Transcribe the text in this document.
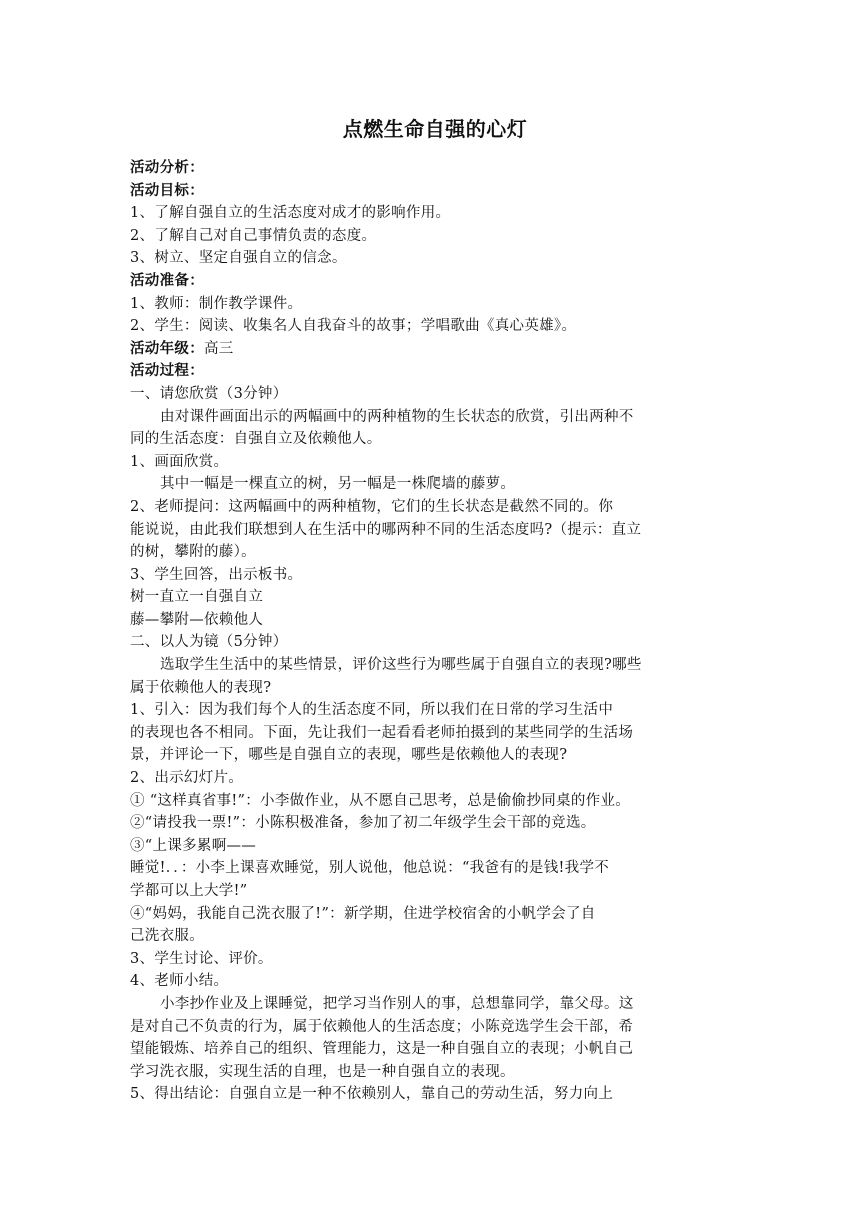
点燃生命自强的心灯
活动分析：
活动目标：
1、了解自强自立的生活态度对成才的影响作用。
2、了解自己对自己事情负责的态度。
3、树立、坚定自强自立的信念。
活动准备：
1、教师：制作教学课件。
2、学生：阅读、收集名人自我奋斗的故事；学唱歌曲《真心英雄》。
活动年级：高三
活动过程：
一、请您欣赏（3分钟）
由对课件画面出示的两幅画中的两种植物的生长状态的欣赏，引出两种不
同的生活态度：自强自立及依赖他人。
1、画面欣赏。
其中一幅是一棵直立的树，另一幅是一株爬墙的藤萝。
2、老师提问：这两幅画中的两种植物，它们的生长状态是截然不同的。你
能说说，由此我们联想到人在生活中的哪两种不同的生活态度吗?（提示：直立
的树，攀附的藤）。
3、学生回答，出示板书。
树一直立一自强自立
藤—攀附—依赖他人
二、以人为镜（5分钟）
选取学生生活中的某些情景，评价这些行为哪些属于自强自立的表现?哪些
属于依赖他人的表现?
1、引入：因为我们每个人的生活态度不同，所以我们在日常的学习生活中
的表现也各不相同。下面，先让我们一起看看老师拍摄到的某些同学的生活场
景，并评论一下，哪些是自强自立的表现，哪些是依赖他人的表现?
2、出示幻灯片。
① “这样真省事!”：小李做作业，从不愿自己思考，总是偷偷抄同桌的作业。
②“请投我一票!”：小陈积极准备，参加了初二年级学生会干部的竞选。
③“上课多累啊——
睡觉!．．：小李上课喜欢睡觉，别人说他，他总说：“我爸有的是钱!我学不
学都可以上大学!”
④“妈妈，我能自己洗衣服了!”：新学期，住进学校宿舍的小帆学会了自
己洗衣服。
3、学生讨论、评价。
4、老师小结。
小李抄作业及上课睡觉，把学习当作别人的事，总想靠同学，靠父母。这
是对自己不负责的行为，属于依赖他人的生活态度；小陈竞选学生会干部，希
望能锻炼、培养自己的组织、管理能力，这是一种自强自立的表现；小帆自己
学习洗衣服，实现生活的自理，也是一种自强自立的表现。
5、得出结论：自强自立是一种不依赖别人，靠自己的劳动生活，努力向上
